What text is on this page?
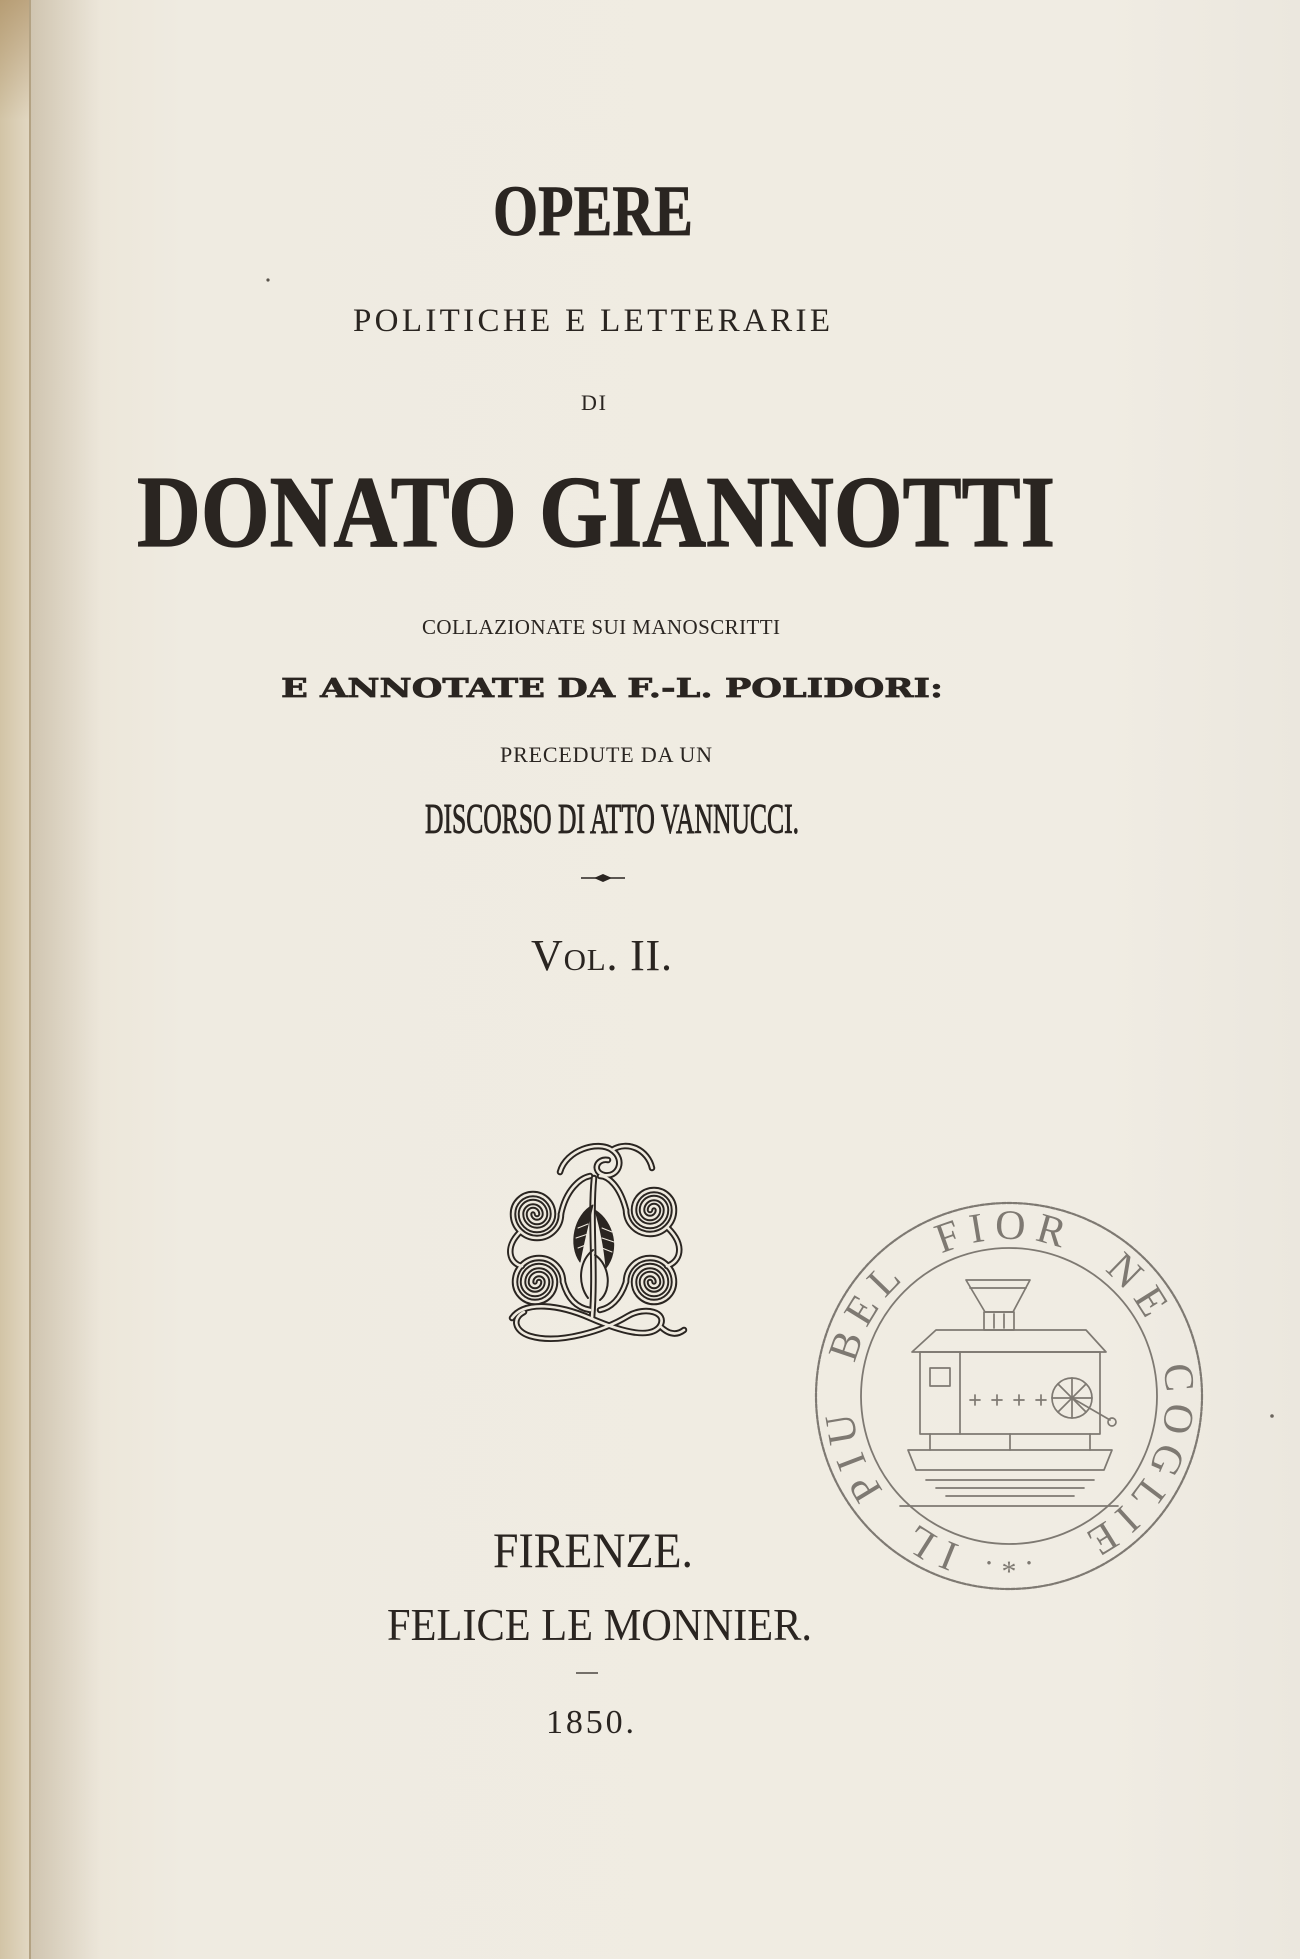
OPERE
POLITICHE E LETTERARIE
DI
DONATO GIANNOTTI
COLLAZIONATE SUI MANOSCRITTI
E ANNOTATE DA F.-L. POLIDORI:
PRECEDUTE DA UN
DISCORSO DI ATTO VANNUCCI.
Vol. II.
IL PIU BEL FIOR NE COGLIE
· * ·
FIRENZE.
FELICE LE MONNIER.
1850.
